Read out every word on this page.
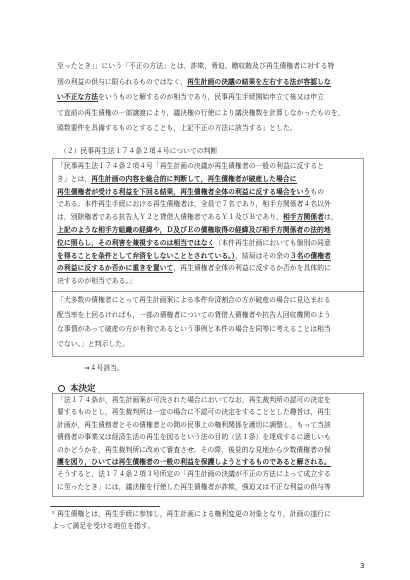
至ったとき」」にいう「不正の方法」とは，詐欺，脅迫，贈収賄及び再生債権者に対する特
別の利益の供与に限られるものではなく，再生計画の決議の結果を左右する法が容認しな
い不正な方法をいうものと解するのが相当であり，民事再生手続開始申立て後又は申立
て直前の再生債権の一部譲渡により，議決権の行使により議決権数を計算しなかったものを，
頭数要件を具備するものとすることも，上記不正の方法に該当する」とした。
（２）民事再生法１７４条２項４号についての判断
「民事再生法１７４条２項４号「再生計画の決議が再生債権者の一般の利益に反すると
き」とは，再生計画の内容を総合的に判断して，再生債権者が破産した場合に
再生債権者が受ける利益を下回る結果，再生債権者全体の利益に反する場合をいうもの
である。本件再生手続における再生債権者は，全員で７名であり，相手方関係者４名以外
は，別除権者である抗告人Ｙ２と貸借人債権者であるＹ１及びＢであり，相手方関係者は，
上記のような相手方組織の経緯や，Ｄ及びＥの債権取得の経緯及び相手方関係者の法的地
位に照らし，その利害を兼視するのは相当ではなく（本件再生計画においても個別の同意
を得ることを条件として弁済をしないこととされている。），結局はその余の３名の債権者
の利益に反するか否かに重きを置いて，再生債権者全体の利益に反するか否かを具体的に
決するのが相当である。」
「大多数の債権者にとって再生計画案による本件弁済割合の方が破産の場合に見込まれる
配当率を上回るければも，一部の債権者についての貸借人債権者や抗告人回収機関のよう
な事情があって破産の方が有利であるという事例と本件の場合を同等に考えることは相当
でない。」と判示した。
⇒４号該当。
本決定
「法１７４条が，再生計画案が可決された場合においてなお，再生裁判所の認可の決定を
要するものとし，再生裁判所は一定の場合に不認可の決定をすることとした趣旨は，再生
計画が，再生債務者とその債権者との間の民事上の権利関係を適切に調整し，もって当該
債務者の事業又は経済生活の再生を図るという法の目的（法１条）を達成するに適しいも
のかどうかを，再生裁判所に改めて審査させ，その際，後見的な見地から少数債権者の保
護を図り，ひいては再生債権者の一般の利益を保護しようとするものであると解される。
そうすると，法１７４条２項３号所定の「再生計画の決議が不正の方法によって成立する
に至ったとき」には，議決権を行使した再生債権者が詐欺，強迫又は不正な利益の供与等
² 再生債権とは，再生手続に参加し，再生計画による権利変更の対象となり，計画の遂行に
よって満足を受ける地位を指す。
3
